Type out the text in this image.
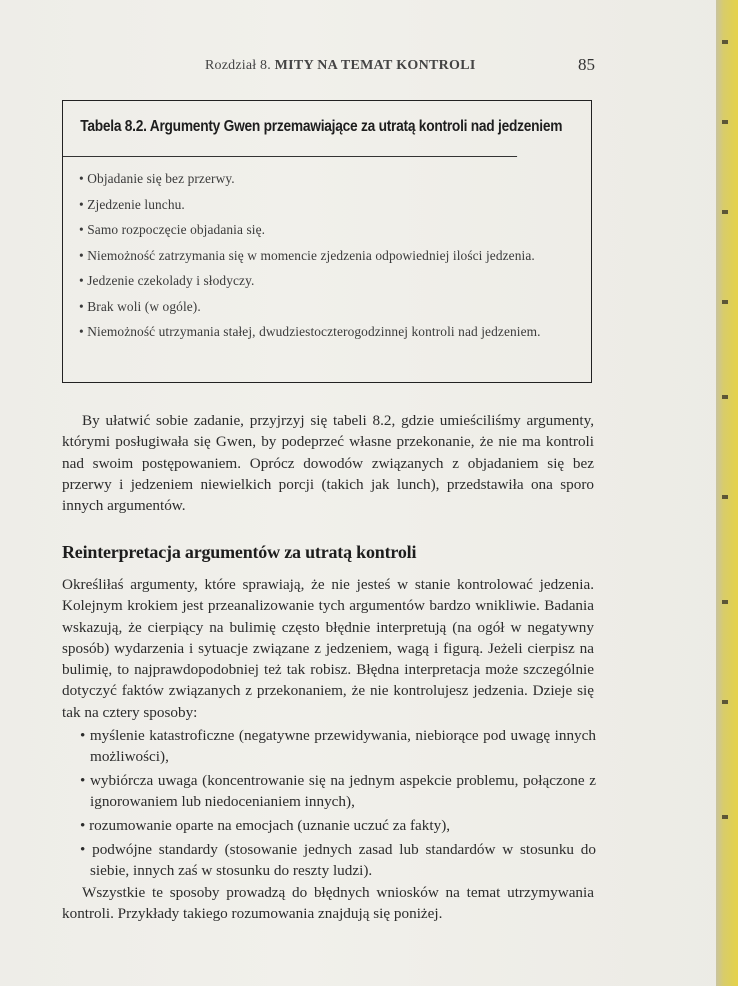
Rozdział 8. MITY NA TEMAT KONTROLI	85
Tabela 8.2. Argumenty Gwen przemawiające za utratą kontroli nad jedzeniem
• Objadanie się bez przerwy.
• Zjedzenie lunchu.
• Samo rozpoczęcie objadania się.
• Niemożność zatrzymania się w momencie zjedzenia odpowiedniej ilości jedzenia.
• Jedzenie czekolady i słodyczy.
• Brak woli (w ogóle).
• Niemożność utrzymania stałej, dwudziestoczterogodzinnej kontroli nad jedzeniem.

By ułatwić sobie zadanie, przyjrzyj się tabeli 8.2, gdzie umieściliśmy argumenty, którymi posługiwała się Gwen, by podeprzeć własne przekonanie, że nie ma kontroli nad swoim postępowaniem. Oprócz dowodów związanych z objadaniem się bez przerwy i jedzeniem niewielkich porcji (takich jak lunch), przedstawiła ona sporo innych argumentów.

Reinterpretacja argumentów za utratą kontroli

Określiłaś argumenty, które sprawiają, że nie jesteś w stanie kontrolować jedzenia. Kolejnym krokiem jest przeanalizowanie tych argumentów bardzo wnikliwie. Badania wskazują, że cierpiący na bulimię często błędnie interpretują (na ogół w negatywny sposób) wydarzenia i sytuacje związane z jedzeniem, wagą i figurą. Jeżeli cierpisz na bulimię, to najprawdopodobniej też tak robisz. Błędna interpretacja może szczególnie dotyczyć faktów związanych z przekonaniem, że nie kontrolujesz jedzenia. Dzieje się tak na cztery sposoby:

• myślenie katastroficzne (negatywne przewidywania, niebiorące pod uwagę innych możliwości),
• wybiórcza uwaga (koncentrowanie się na jednym aspekcie problemu, połączone z ignorowaniem lub niedocenianiem innych),
• rozumowanie oparte na emocjach (uznanie uczuć za fakty),
• podwójne standardy (stosowanie jednych zasad lub standardów w stosunku do siebie, innych zaś w stosunku do reszty ludzi).

Wszystkie te sposoby prowadzą do błędnych wniosków na temat utrzymywania kontroli. Przykłady takiego rozumowania znajdują się poniżej.
